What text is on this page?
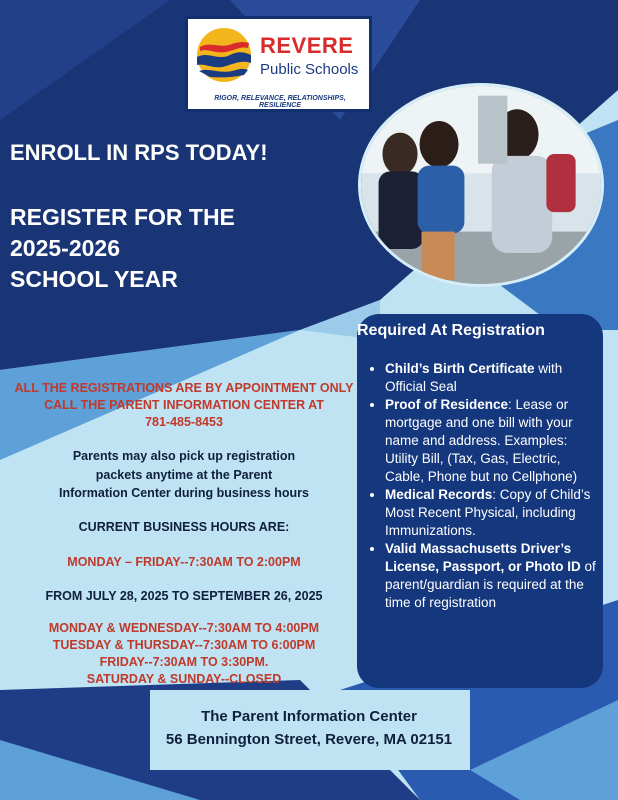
REVERE
Public Schools
RIGOR, RELEVANCE, RELATIONSHIPS, RESILIENCE
ENROLL IN RPS TODAY!
REGISTER FOR THE
2025-2026
SCHOOL YEAR
ALL THE REGISTRATIONS ARE BY APPOINTMENT ONLY
CALL THE PARENT INFORMATION CENTER AT
781-485-8453
Parents may also pick up registration
packets anytime at the Parent
Information Center during business hours
CURRENT BUSINESS HOURS ARE:
MONDAY – FRIDAY--7:30AM TO 2:00PM
FROM JULY 28, 2025 TO SEPTEMBER 26, 2025
MONDAY & WEDNESDAY--7:30AM TO 4:00PM
TUESDAY & THURSDAY--7:30AM TO 6:00PM
FRIDAY--7:30AM TO 3:30PM.
SATURDAY & SUNDAY--CLOSED
Required At Registration
• Child’s Birth Certificate with Official Seal
• Proof of Residence: Lease or mortgage and one bill with your name and address. Examples: Utility Bill, (Tax, Gas, Electric, Cable, Phone but no Cellphone)
• Medical Records: Copy of Child’s Most Recent Physical, including Immunizations.
• Valid Massachusetts Driver’s License, Passport, or Photo ID of parent/guardian is required at the time of registration
The Parent Information Center
56 Bennington Street, Revere, MA 02151
